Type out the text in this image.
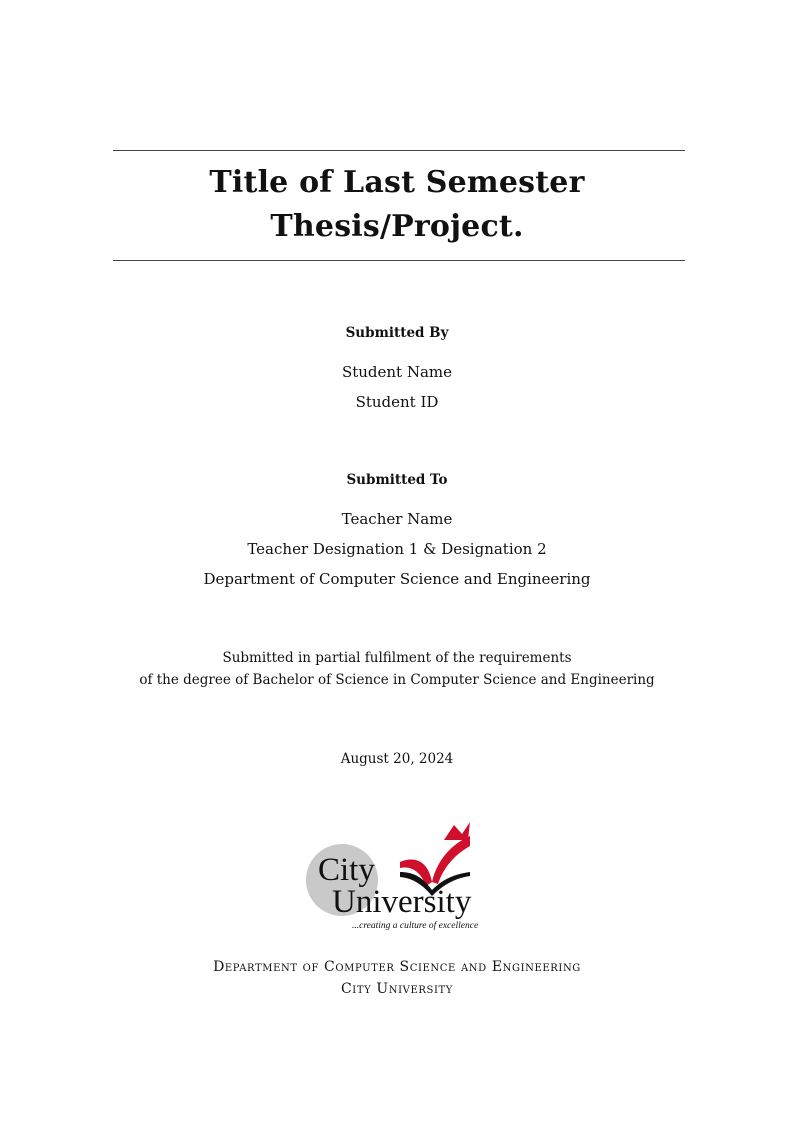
Title of Last Semester
Thesis/Project.
Submitted By
Student Name
Student ID
Submitted To
Teacher Name
Teacher Designation 1 & Designation 2
Department of Computer Science and Engineering
Submitted in partial fulfilment of the requirements
of the degree of Bachelor of Science in Computer Science and Engineering
August 20, 2024
City
University
...creating a culture of excellence
Department of Computer Science and Engineering
City University
